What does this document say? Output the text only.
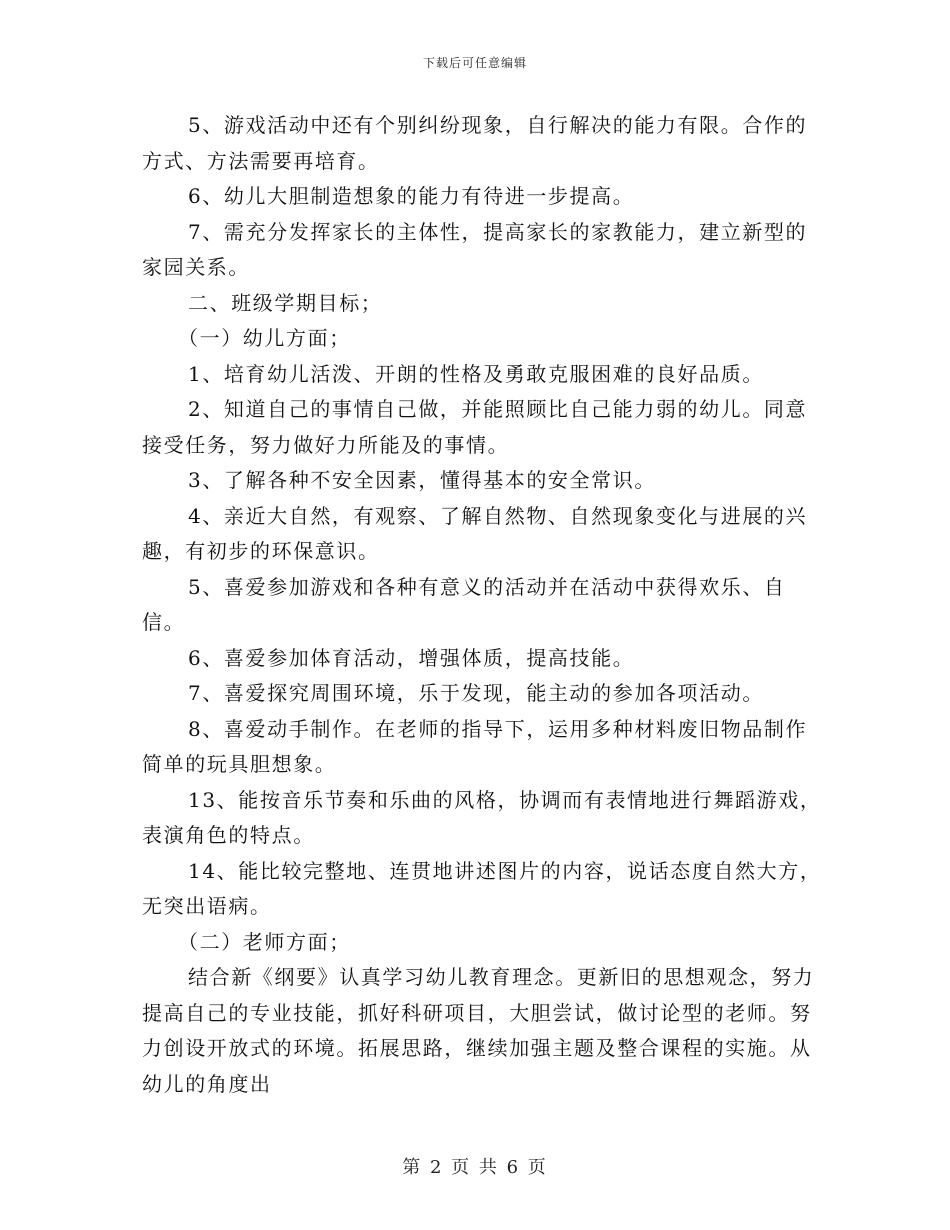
下载后可任意编辑

5、游戏活动中还有个别纠纷现象，自行解决的能力有限。合作的方式、方法需要再培育。

6、幼儿大胆制造想象的能力有待进一步提高。

7、需充分发挥家长的主体性，提高家长的家教能力，建立新型的家园关系。

二、班级学期目标；

（一）幼儿方面；

1、培育幼儿活泼、开朗的性格及勇敢克服困难的良好品质。

2、知道自己的事情自己做，并能照顾比自己能力弱的幼儿。同意接受任务，努力做好力所能及的事情。

3、了解各种不安全因素，懂得基本的安全常识。

4、亲近大自然，有观察、了解自然物、自然现象变化与进展的兴趣，有初步的环保意识。

5、喜爱参加游戏和各种有意义的活动并在活动中获得欢乐、自信。

6、喜爱参加体育活动，增强体质，提高技能。

7、喜爱探究周围环境，乐于发现，能主动的参加各项活动。

8、喜爱动手制作。在老师的指导下，运用多种材料废旧物品制作简单的玩具胆想象。

13、能按音乐节奏和乐曲的风格，协调而有表情地进行舞蹈游戏，表演角色的特点。

14、能比较完整地、连贯地讲述图片的内容，说话态度自然大方，无突出语病。

（二）老师方面；

结合新《纲要》认真学习幼儿教育理念。更新旧的思想观念，努力提高自己的专业技能，抓好科研项目，大胆尝试，做讨论型的老师。努力创设开放式的环境。拓展思路，继续加强主题及整合课程的实施。从幼儿的角度出

第 2 页 共 6 页
